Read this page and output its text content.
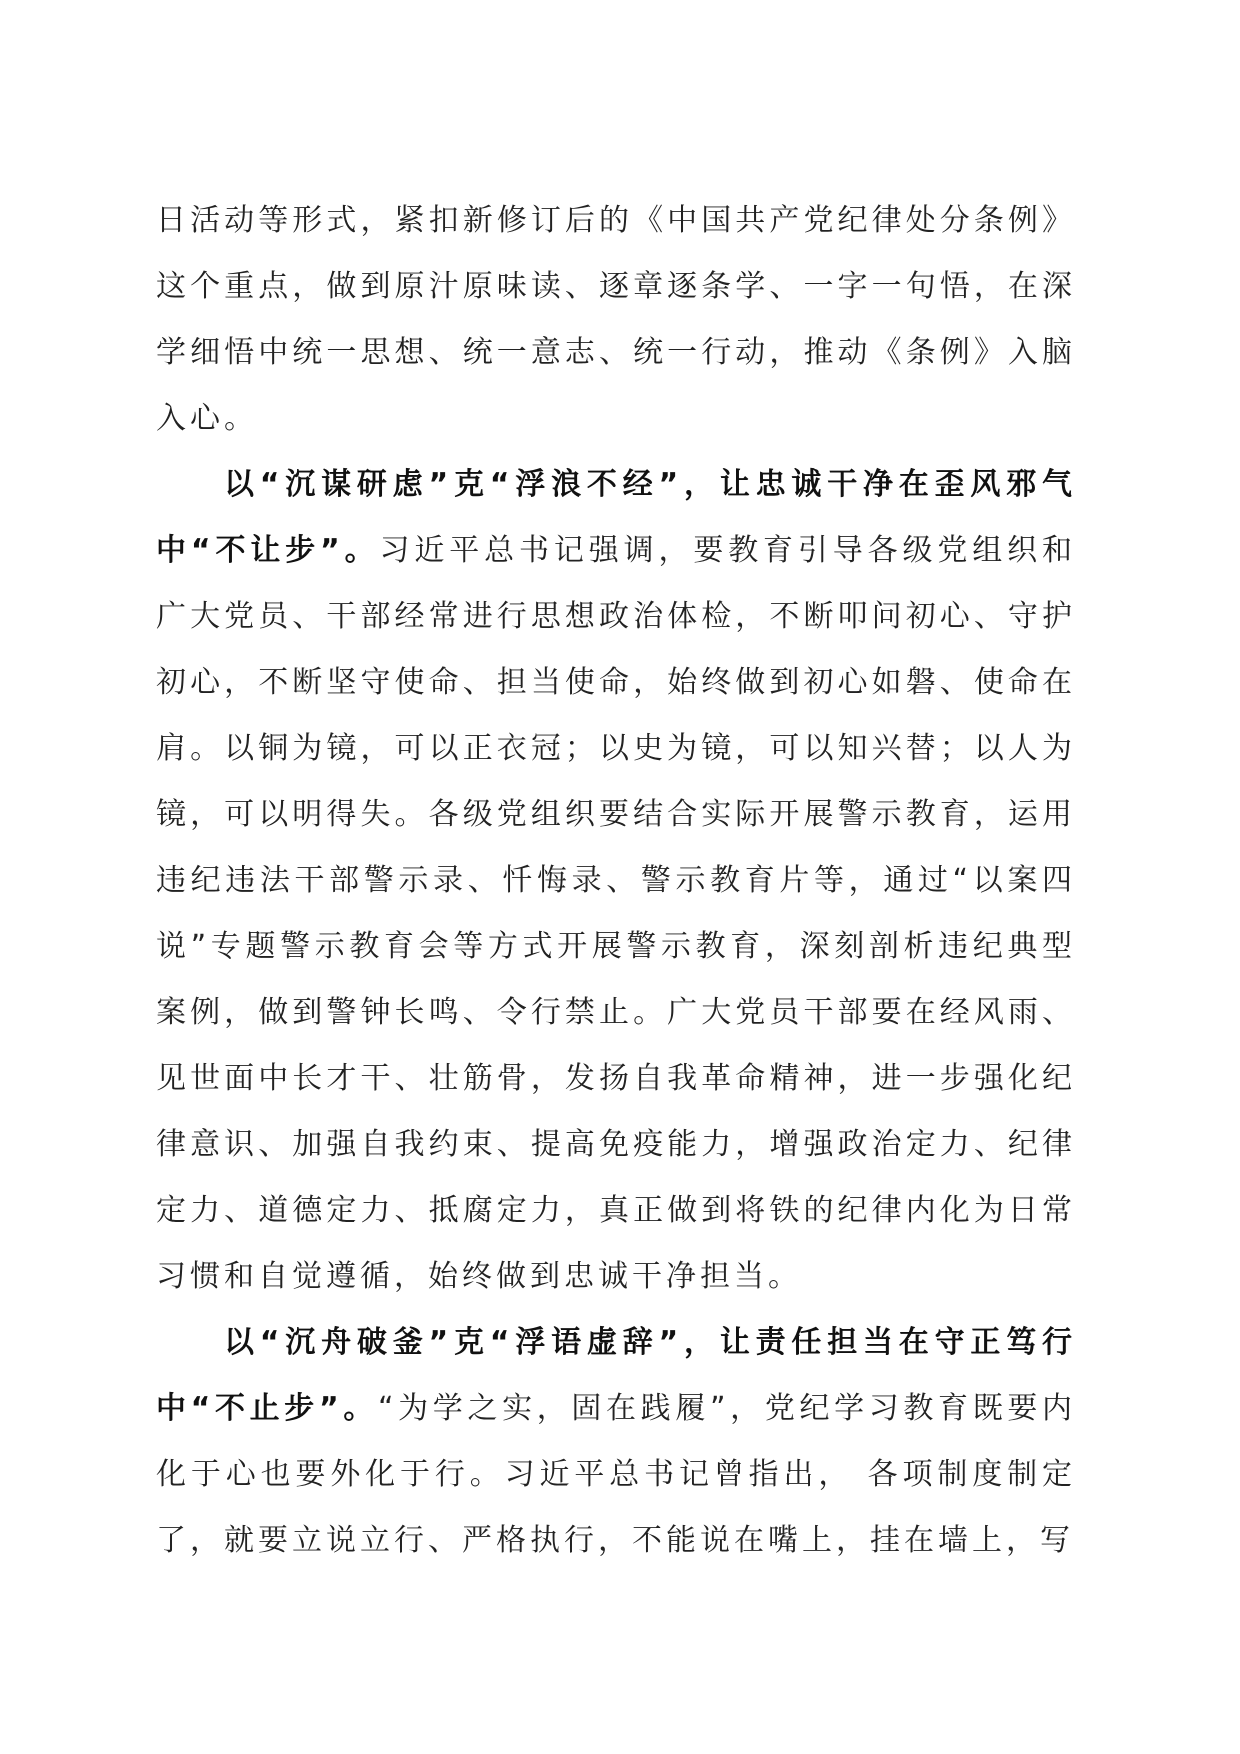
日活动等形式，紧扣新修订后的《中国共产党纪律处分条例》这个重点，做到原汁原味读、逐章逐条学、一字一句悟，在深学细悟中统一思想、统一意志、统一行动，推动《条例》入脑入心。

以“沉谋研虑”克“浮浪不经”，让忠诚干净在歪风邪气中“不让步”。习近平总书记强调，要教育引导各级党组织和广大党员、干部经常进行思想政治体检，不断叩问初心、守护初心，不断坚守使命、担当使命，始终做到初心如磐、使命在肩。以铜为镜，可以正衣冠；以史为镜，可以知兴替；以人为镜，可以明得失。各级党组织要结合实际开展警示教育，运用违纪违法干部警示录、忏悔录、警示教育片等，通过“以案四说”专题警示教育会等方式开展警示教育，深刻剖析违纪典型案例，做到警钟长鸣、令行禁止。广大党员干部要在经风雨、见世面中长才干、壮筋骨，发扬自我革命精神，进一步强化纪律意识、加强自我约束、提高免疫能力，增强政治定力、纪律定力、道德定力、抵腐定力，真正做到将铁的纪律内化为日常习惯和自觉遵循，始终做到忠诚干净担当。

以“沉舟破釜”克“浮语虚辞”，让责任担当在守正笃行中“不止步”。“为学之实，固在践履”，党纪学习教育既要内化于心也要外化于行。习近平总书记曾指出， 各项制度制定了，就要立说立行、严格执行，不能说在嘴上，挂在墙上，写
